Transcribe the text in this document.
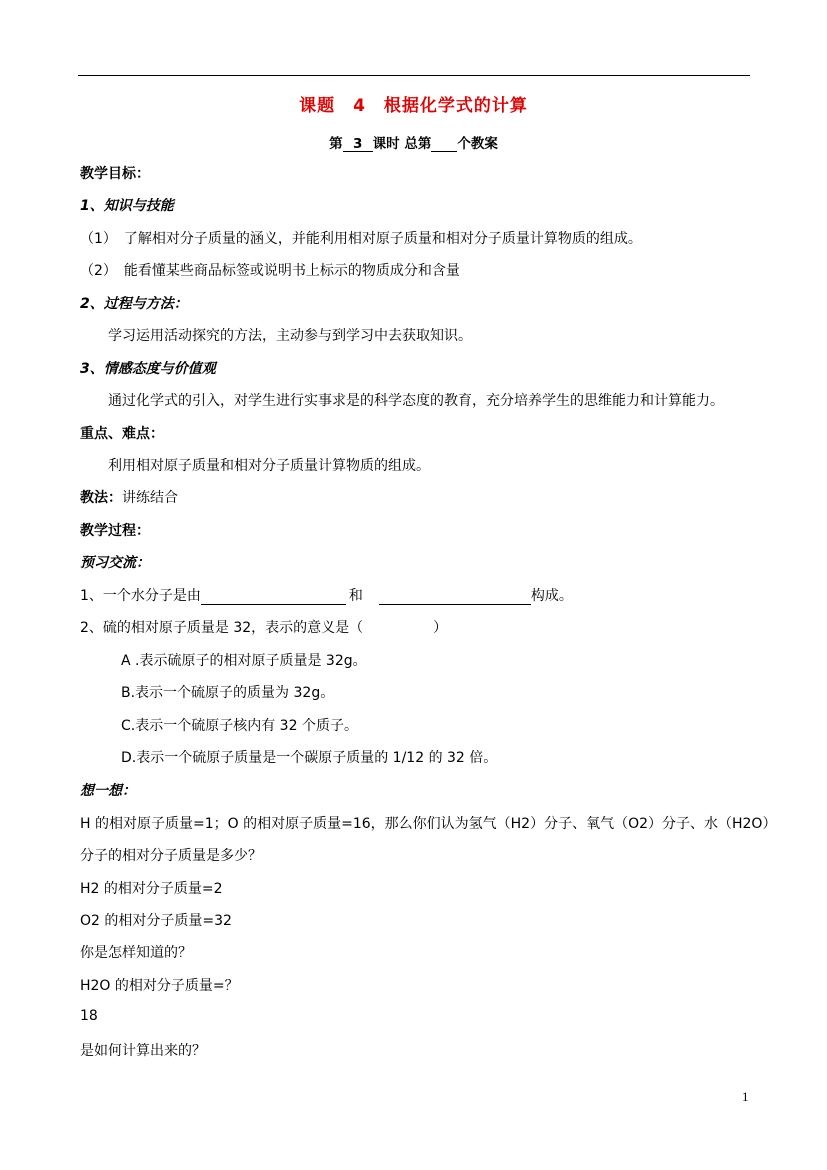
课题　4　根据化学式的计算
第 3 课时 总第 个教案
教学目标：
1、知识与技能
（1）　了解相对分子质量的涵义，并能利用相对原子质量和相对分子质量计算物质的组成。
（2）　能看懂某些商品标签或说明书上标示的物质成分和含量
2、过程与方法：
学习运用活动探究的方法，主动参与到学习中去获取知识。
3、情感态度与价值观
通过化学式的引入，对学生进行实事求是的科学态度的教育，充分培养学生的思维能力和计算能力。
重点、难点：
利用相对原子质量和相对分子质量计算物质的组成。
教法：讲练结合
教学过程：
预习交流：
1、一个水分子是由	和	构成。
2、硫的相对原子质量是 32，表示的意义是（　　　　　）
A .表示硫原子的相对原子质量是 32g。
B.表示一个硫原子的质量为 32g。
C.表示一个硫原子核内有 32 个质子。
D.表示一个硫原子质量是一个碳原子质量的 1/12 的 32 倍。
想一想：
H 的相对原子质量=1；O 的相对原子质量=16，那么你们认为氢气（H2）分子、氧气（O2）分子、水（H2O）
分子的相对分子质量是多少？
H2 的相对分子质量=2
O2 的相对分子质量=32
你是怎样知道的？
H2O 的相对分子质量=？
18
是如何计算出来的？
1
